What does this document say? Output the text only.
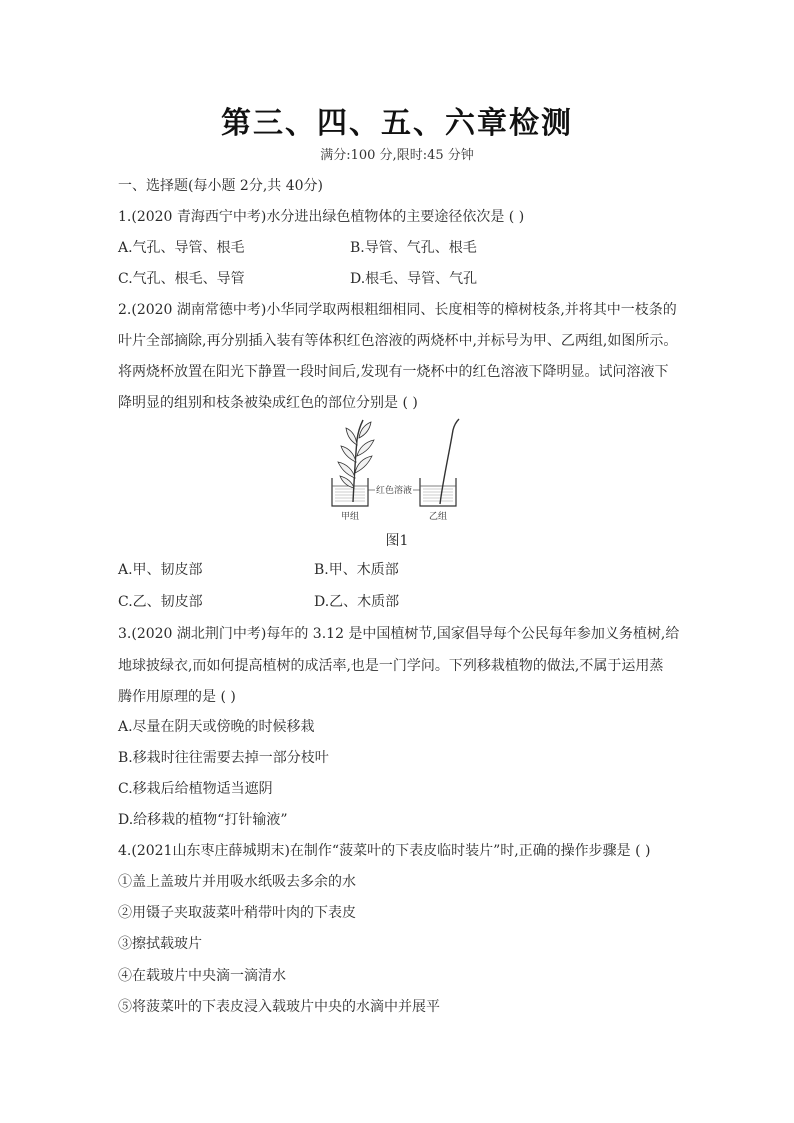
第三、四、五、六章检测
满分:100 分,限时:45 分钟
一、选择题(每小题 2分,共 40分)
1.(2020 青海西宁中考)水分进出绿色植物体的主要途径依次是 ( )
A.气孔、导管、根毛	B.导管、气孔、根毛
C.气孔、根毛、导管	D.根毛、导管、气孔
2.(2020 湖南常德中考)小华同学取两根粗细相同、长度相等的樟树枝条,并将其中一枝条的
叶片全部摘除,再分别插入装有等体积红色溶液的两烧杯中,并标号为甲、乙两组,如图所示。
将两烧杯放置在阳光下静置一段时间后,发现有一烧杯中的红色溶液下降明显。试问溶液下
降明显的组别和枝条被染成红色的部位分别是 ( )
红色溶液
甲组	乙组
图1
A.甲、韧皮部	B.甲、木质部
C.乙、韧皮部	D.乙、木质部
3.(2020 湖北荆门中考)每年的 3.12 是中国植树节,国家倡导每个公民每年参加义务植树,给
地球披绿衣,而如何提高植树的成活率,也是一门学问。下列移栽植物的做法,不属于运用蒸
腾作用原理的是 ( )
A.尽量在阴天或傍晚的时候移栽
B.移栽时往往需要去掉一部分枝叶
C.移栽后给植物适当遮阴
D.给移栽的植物“打针输液”
4.(2021山东枣庄薛城期末)在制作“菠菜叶的下表皮临时装片”时,正确的操作步骤是 ( )
①盖上盖玻片并用吸水纸吸去多余的水
②用镊子夹取菠菜叶稍带叶肉的下表皮
③擦拭载玻片
④在载玻片中央滴一滴清水
⑤将菠菜叶的下表皮浸入载玻片中央的水滴中并展平
